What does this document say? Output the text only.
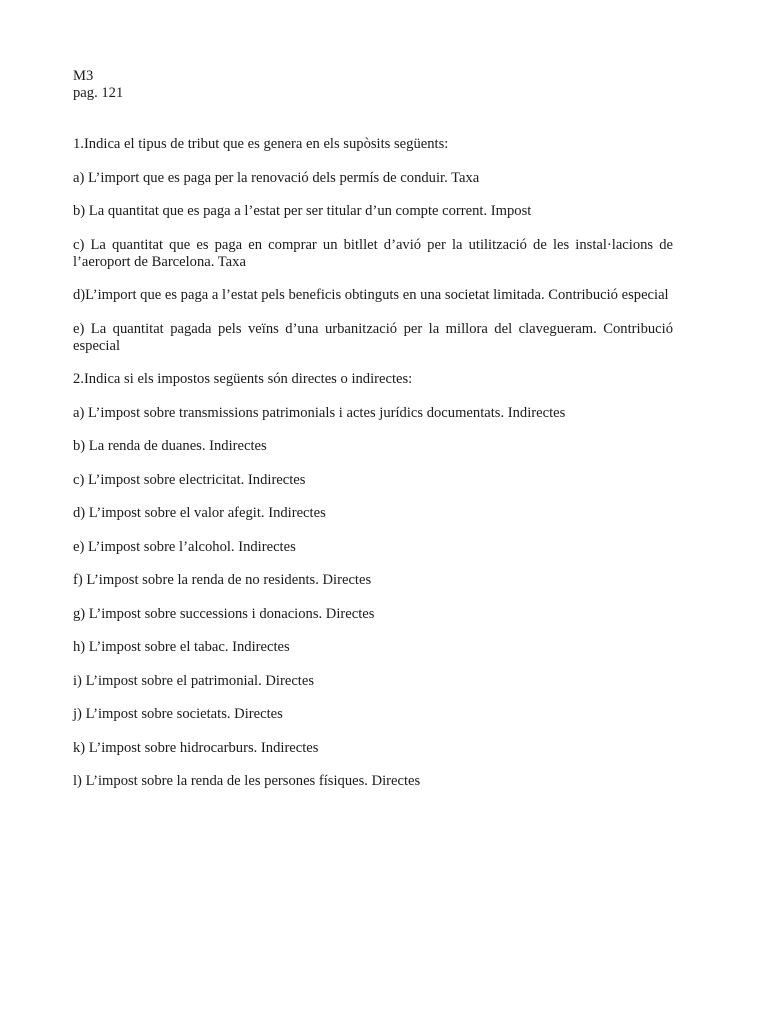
M3
pag. 121

1.Indica el tipus de tribut que es genera en els supòsits següents:

a) L’import que es paga per la renovació dels permís de conduir. Taxa

b) La quantitat que es paga a l’estat per ser titular d’un compte corrent. Impost

c) La quantitat que es paga en comprar un bitllet d’avió per la utilització de les instal·lacions de l’aeroport de Barcelona. Taxa

d)L’import que es paga a l’estat pels beneficis obtinguts en una societat limitada. Contribució especial

e) La quantitat pagada pels veïns d’una urbanització per la millora del clavegueram. Contribució especial

2.Indica si els impostos següents són directes o indirectes:

a) L’impost sobre transmissions patrimonials i actes jurídics documentats. Indirectes

b) La renda de duanes. Indirectes

c) L’impost sobre electricitat. Indirectes

d) L’impost sobre el valor afegit. Indirectes

e) L’impost sobre l’alcohol. Indirectes

f) L’impost sobre la renda de no residents. Directes

g) L’impost sobre successions i donacions. Directes

h) L’impost sobre el tabac. Indirectes

i) L’impost sobre el patrimonial. Directes

j) L’impost sobre societats. Directes

k) L’impost sobre hidrocarburs. Indirectes

l) L’impost sobre la renda de les persones físiques. Directes
